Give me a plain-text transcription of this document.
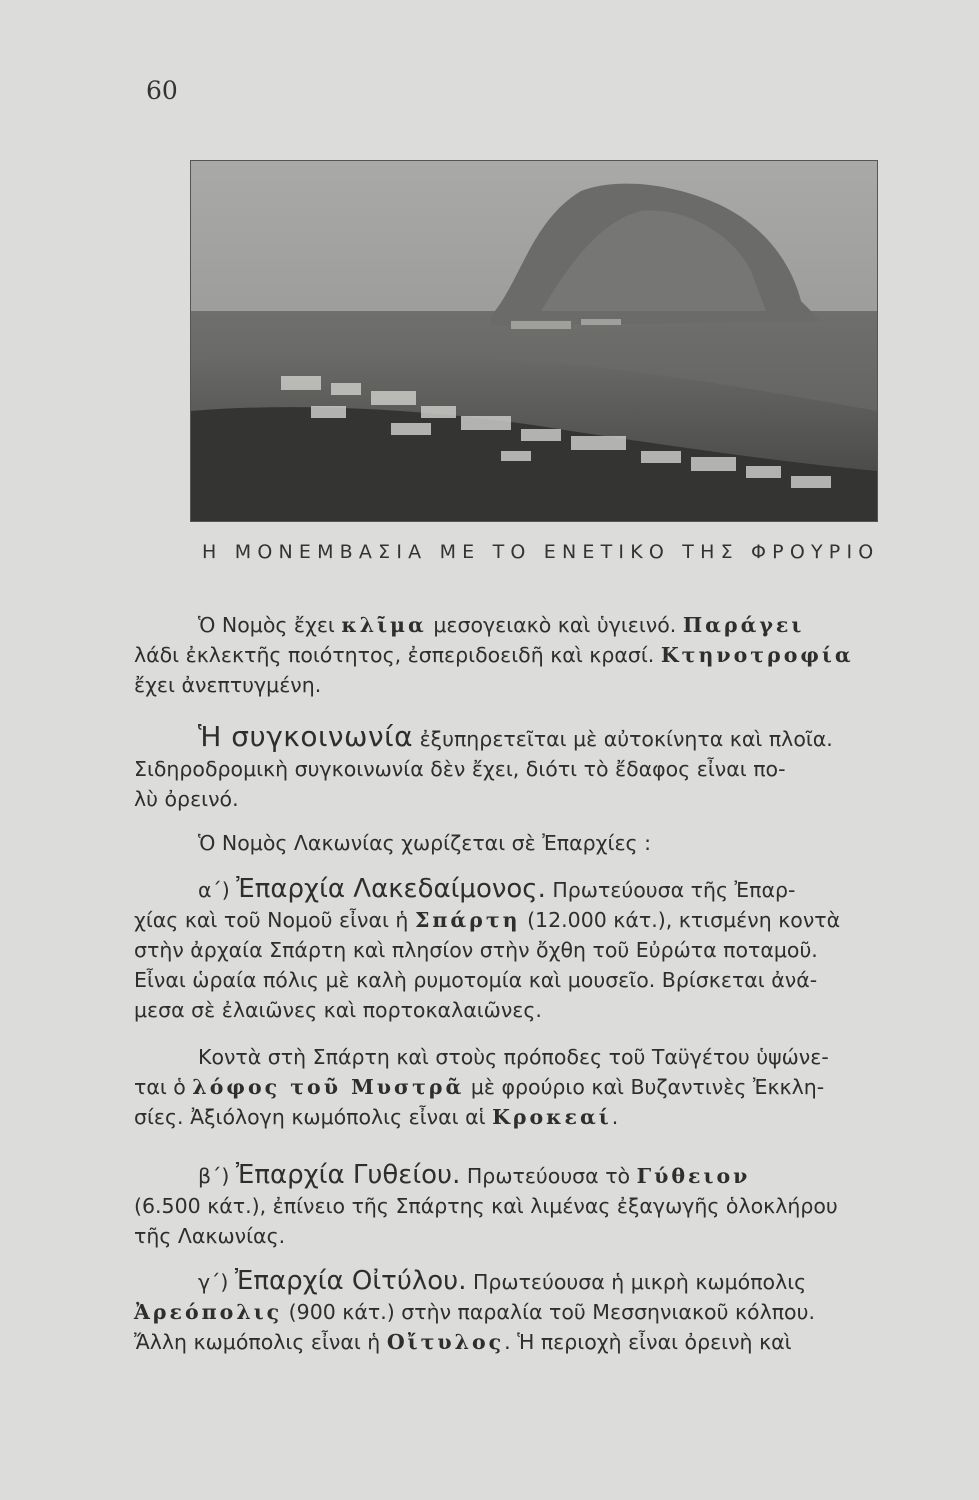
60
Η ΜΟΝΕΜΒΑΣΙΑ ΜΕ ΤΟ ΕΝΕΤΙΚΟ ΤΗΣ ΦΡΟΥΡΙΟ

Ὁ Νομὸς ἔχει κλῖμα μεσογειακὸ καὶ ὑγιεινό. Παράγει

λάδι ἐκλεκτῆς ποιότητος, ἐσπεριδοειδῆ καὶ κρασί. Κτηνοτροφία

ἔχει ἀνεπτυγμένη.

Ἡ συγκοινωνία ἐξυπηρετεῖται μὲ αὐτοκίνητα καὶ πλοῖα.

Σιδηροδρομικὴ συγκοινωνία δὲν ἔχει, διότι τὸ ἔδαφος εἶναι πο-

λὺ ὀρεινό.

Ὁ Νομὸς Λακωνίας χωρίζεται σὲ Ἐπαρχίες :

α΄) Ἐπαρχία Λακεδαίμονος. Πρωτεύουσα τῆς Ἐπαρ-

χίας καὶ τοῦ Νομοῦ εἶναι ἡ Σπάρτη (12.000 κάτ.), κτισμένη κοντὰ

στὴν ἀρχαία Σπάρτη καὶ πλησίον στὴν ὄχθη τοῦ Εὐρώτα ποταμοῦ.

Εἶναι ὡραία πόλις μὲ καλὴ ρυμοτομία καὶ μουσεῖο. Βρίσκεται ἀνά-

μεσα σὲ ἐλαιῶνες καὶ πορτοκαλαιῶνες.

Κοντὰ στὴ Σπάρτη καὶ στοὺς πρόποδες τοῦ Ταϋγέτου ὑψώνε-

ται ὁ λόφος τοῦ Μυστρᾶ μὲ φρούριο καὶ Βυζαντινὲς Ἐκκλη-

σίες. Ἀξιόλογη κωμόπολις εἶναι αἱ Κροκεαί.

β΄) Ἐπαρχία Γυθείου. Πρωτεύουσα τὸ Γύθειον

(6.500 κάτ.), ἐπίνειο τῆς Σπάρτης καὶ λιμένας ἐξαγωγῆς ὁλοκλήρου

τῆς Λακωνίας.

γ΄) Ἐπαρχία Οἰτύλου. Πρωτεύουσα ἡ μικρὴ κωμόπολις

Ἀρεόπολις (900 κάτ.) στὴν παραλία τοῦ Μεσσηνιακοῦ κόλπου.

Ἄλλη κωμόπολις εἶναι ἡ Οἴτυλος. Ἡ περιοχὴ εἶναι ὀρεινὴ καὶ
